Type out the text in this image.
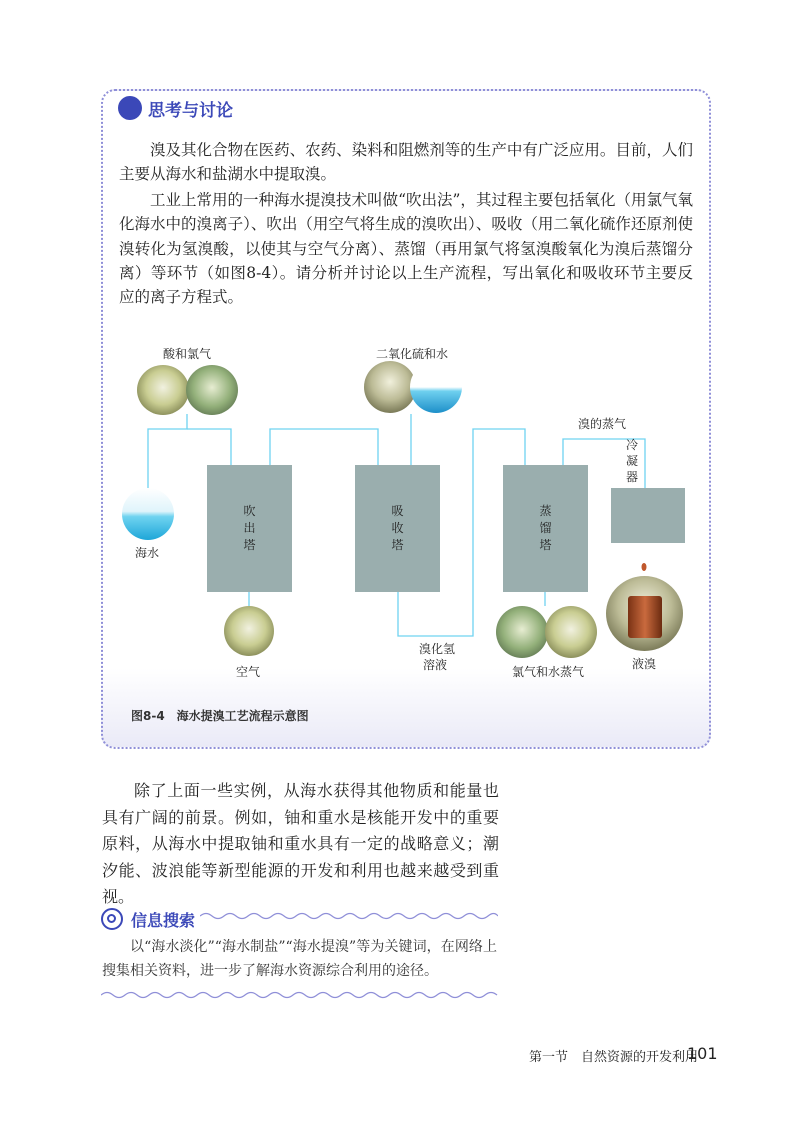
思考与讨论

溴及其化合物在医药、农药、染料和阻燃剂等的生产中有广泛应用。目前，人们主要从海水和盐湖水中提取溴。

工业上常用的一种海水提溴技术叫做“吹出法”，其过程主要包括氧化（用氯气氧化海水中的溴离子）、吹出（用空气将生成的溴吹出）、吸收（用二氧化硫作还原剂使溴转化为氢溴酸，以使其与空气分离）、蒸馏（再用氯气将氢溴酸氧化为溴后蒸馏分离）等环节（如图8-4）。请分析并讨论以上生产流程，写出氧化和吸收环节主要反应的离子方程式。

吹出塔
吸收塔
蒸馏塔
酸和氯气	二氧化硫和水
溴的蒸气
冷凝器
海水
空气
溴化氢
溶液	氯气和水蒸气
液溴
图8-4　海水提溴工艺流程示意图

除了上面一些实例，从海水获得其他物质和能量也具有广阔的前景。例如，铀和重水是核能开发中的重要原料，从海水中提取铀和重水具有一定的战略意义；潮汐能、波浪能等新型能源的开发和利用也越来越受到重视。

信息搜索

以“海水淡化”“海水制盐”“海水提溴”等为关键词，在网络上搜集相关资料，进一步了解海水资源综合利用的途径。

第一节　自然资源的开发利用
101
